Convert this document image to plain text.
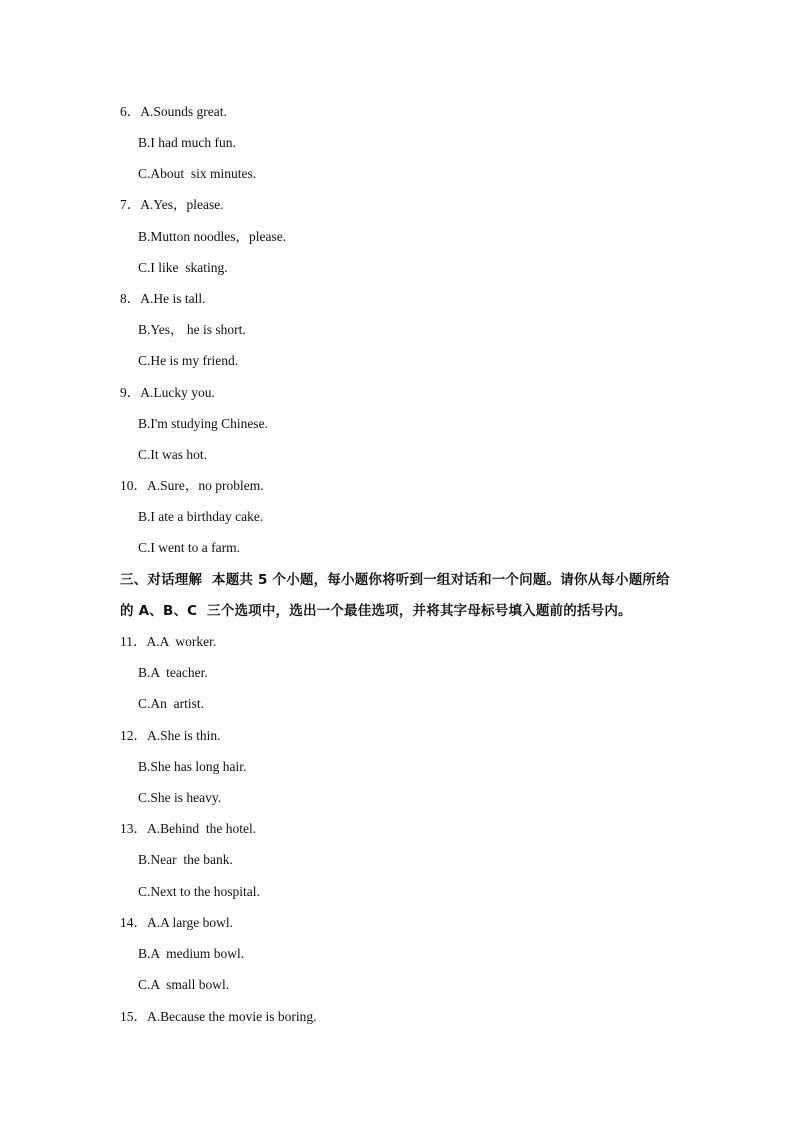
6．A.Sounds great.
B.I had much fun.
C.About  six minutes.
7．A.Yes，please.
B.Mutton noodles，please.
C.I like  skating.
8．A.He is tall.
B.Yes， he is short.
C.He is my friend.
9．A.Lucky you.
B.I'm studying Chinese.
C.It was hot.
10．A.Sure，no problem.
B.I ate a birthday cake.
C.I went to a farm.
三、对话理解  本题共 5 个小题，每小题你将听到一组对话和一个问题。请你从每小题所给
的 A、B、C  三个选项中，选出一个最佳选项，并将其字母标号填入题前的括号内。
11．A.A  worker.
B.A  teacher.
C.An  artist.
12．A.She is thin.
B.She has long hair.
C.She is heavy.
13．A.Behind  the hotel.
B.Near  the bank.
C.Next to the hospital.
14．A.A large bowl.
B.A  medium bowl.
C.A  small bowl.
15．A.Because the movie is boring.
